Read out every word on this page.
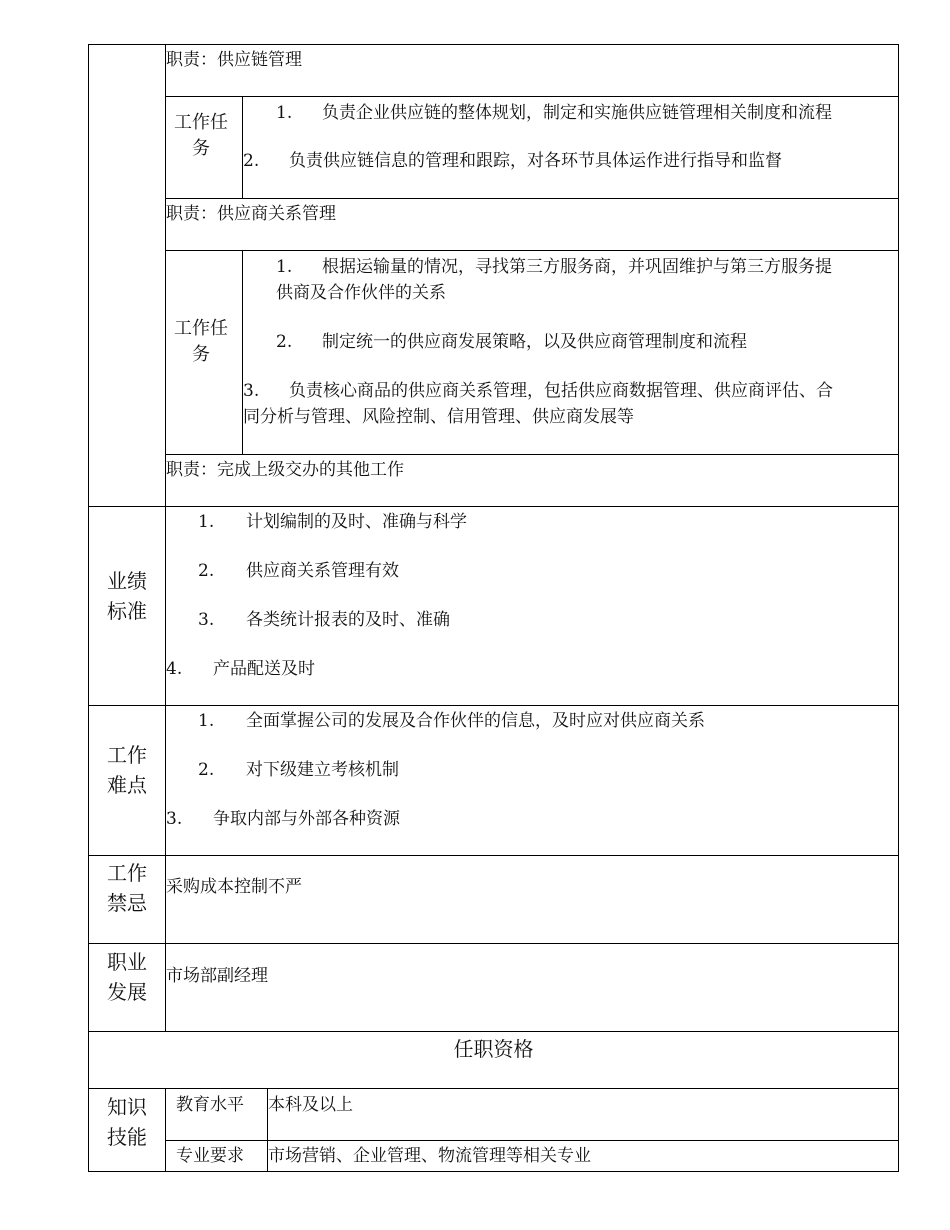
职责：供应链管理
工作任务
1. 负责企业供应链的整体规划，制定和实施供应链管理相关制度和流程
2. 负责供应链信息的管理和跟踪，对各环节具体运作进行指导和监督
职责：供应商关系管理
工作任务
1. 根据运输量的情况，寻找第三方服务商，并巩固维护与第三方服务提
供商及合作伙伴的关系
2. 制定统一的供应商发展策略，以及供应商管理制度和流程
3. 负责核心商品的供应商关系管理，包括供应商数据管理、供应商评估、合
同分析与管理、风险控制、信用管理、供应商发展等
职责：完成上级交办的其他工作
业绩
标准
1. 计划编制的及时、准确与科学
2. 供应商关系管理有效
3. 各类统计报表的及时、准确
4. 产品配送及时
工作
难点
1. 全面掌握公司的发展及合作伙伴的信息，及时应对供应商关系
2. 对下级建立考核机制
3. 争取内部与外部各种资源
工作
禁忌
采购成本控制不严
职业
发展
市场部副经理
任职资格
知识
技能
教育水平 本科及以上
专业要求 市场营销、企业管理、物流管理等相关专业
